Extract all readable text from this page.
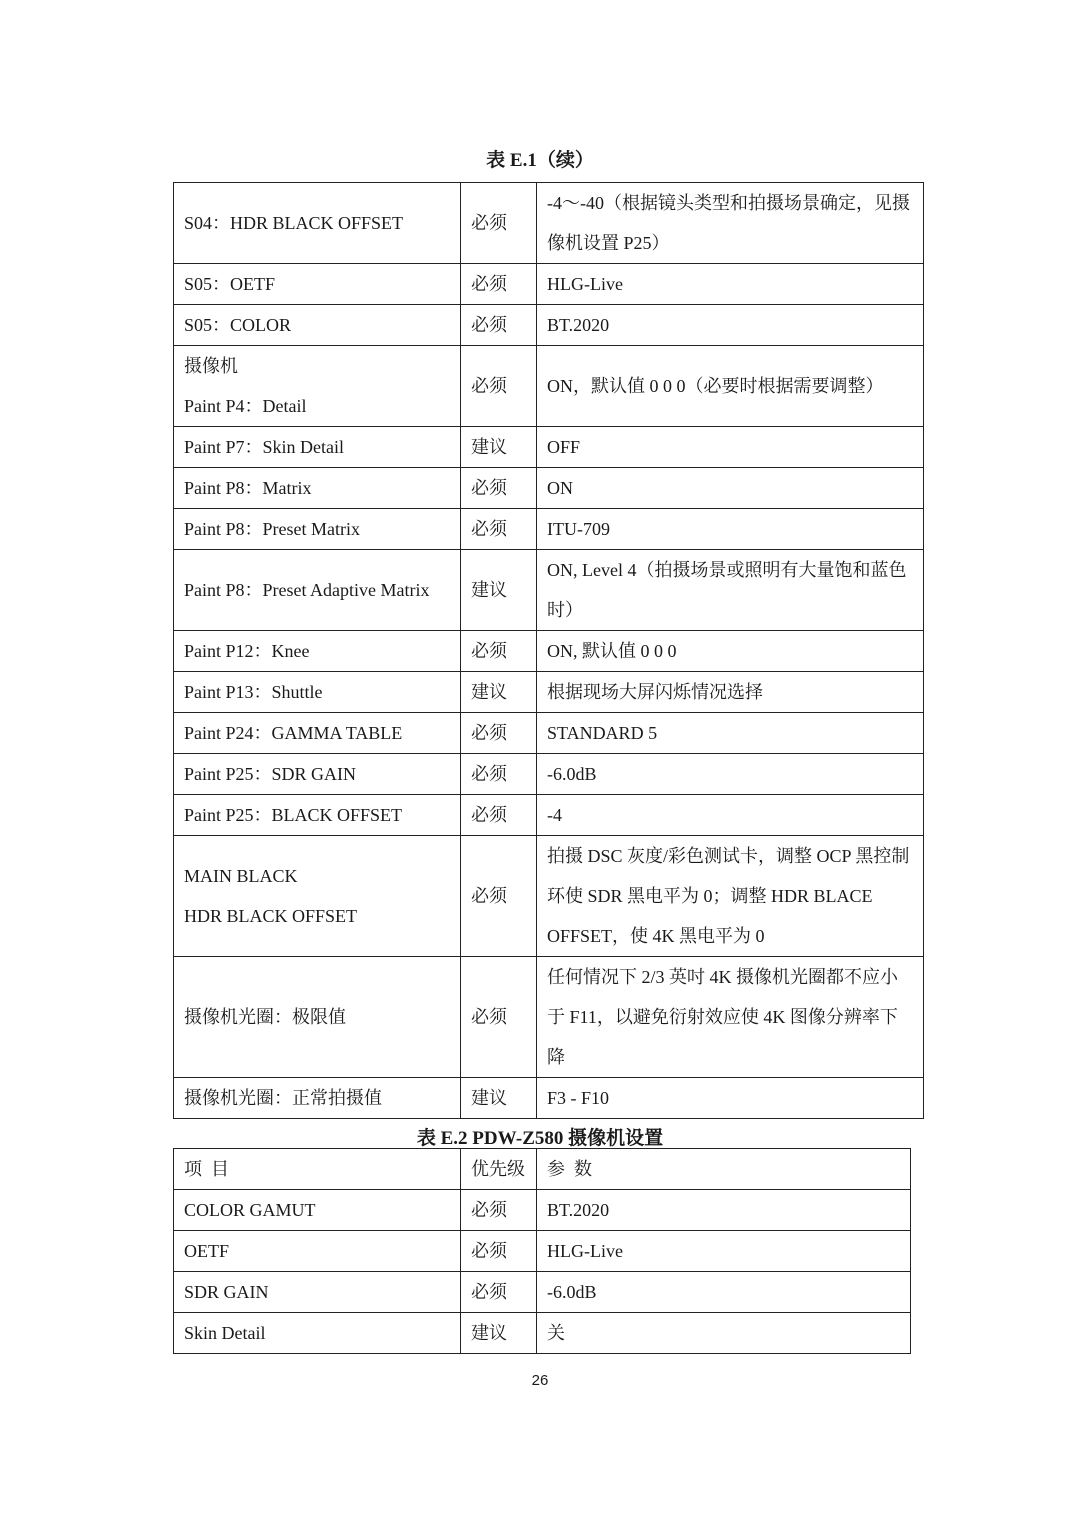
表 E.1（续）
S04：HDR BLACK OFFSET	必须	-4～-40（根据镜头类型和拍摄场景确定，见摄像机设置 P25）
S05：OETF	必须	HLG-Live
S05：COLOR	必须	BT.2020
摄像机
Paint P4：Detail	必须	ON，默认值 0 0 0（必要时根据需要调整）
Paint P7：Skin Detail	建议	OFF
Paint P8：Matrix	必须	ON
Paint P8：Preset Matrix	必须	ITU-709
Paint P8：Preset Adaptive Matrix	建议	ON, Level 4（拍摄场景或照明有大量饱和蓝色时）
Paint P12：Knee	必须	ON, 默认值 0 0 0
Paint P13：Shuttle	建议	根据现场大屏闪烁情况选择
Paint P24：GAMMA TABLE	必须	STANDARD 5
Paint P25：SDR GAIN	必须	-6.0dB
Paint P25：BLACK OFFSET	必须	-4
MAIN BLACK
HDR BLACK OFFSET	必须	拍摄 DSC 灰度/彩色测试卡，调整 OCP 黑控制环使 SDR 黑电平为 0；调整 HDR BLACE OFFSET，使 4K 黑电平为 0
摄像机光圈：极限值	必须	任何情况下 2/3 英吋 4K 摄像机光圈都不应小于 F11，以避免衍射效应使 4K 图像分辨率下降
摄像机光圈：正常拍摄值	建议	F3 - F10
表 E.2 PDW-Z580 摄像机设置
项  目	优先级	参  数
COLOR GAMUT	必须	BT.2020
OETF	必须	HLG-Live
SDR GAIN	必须	-6.0dB
Skin Detail	建议	关
26
